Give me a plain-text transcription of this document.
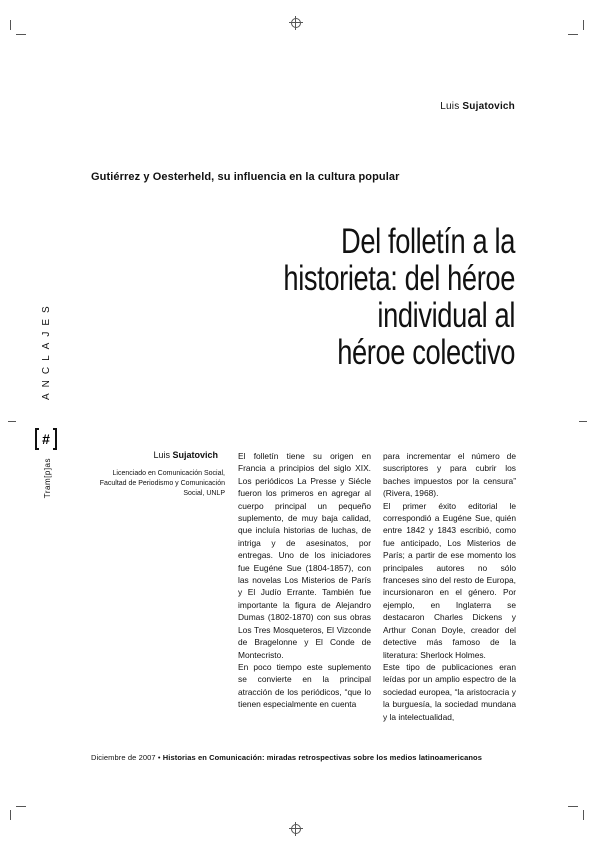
Luis Sujatovich
Gutiérrez y Oesterheld, su influencia en la cultura popular
Del folletín a la
historieta: del héroe
individual al
héroe colectivo
ANCLAJES
#
Tram[p]as
Luis Sujatovich
Licenciado en Comunicación Social, Facultad de Periodismo y Comunicación Social, UNLP

El folletín tiene su origen en Francia a principios del siglo XIX. Los periódicos La Presse y Siécle fueron los primeros en agregar al cuerpo principal un pequeño suplemento, de muy baja calidad, que incluía historias de luchas, de intriga y de asesinatos, por entregas. Uno de los iniciadores fue Eugéne Sue (1804-1857), con las novelas Los Misterios de París y El Judío Errante. También fue importante la figura de Alejandro Dumas (1802-1870) con sus obras Los Tres Mosqueteros, El Vizconde de Bragelonne y El Conde de Montecristo.

En poco tiempo este suplemento se convierte en la principal atracción de los periódicos, “que lo tienen especialmente en cuenta

para incrementar el número de suscriptores y para cubrir los baches impuestos por la censura” (Rivera, 1968).

El primer éxito editorial le correspondió a Eugéne Sue, quién entre 1842 y 1843 escribió, como fue anticipado, Los Misterios de París; a partir de ese momento los principales autores no sólo franceses sino del resto de Europa, incursionaron en el género. Por ejemplo, en Inglaterra se destacaron Charles Dickens y Arthur Conan Doyle, creador del detective más famoso de la literatura: Sherlock Holmes.

Este tipo de publicaciones eran leídas por un amplio espectro de la sociedad europea, “la aristocracia y la burguesía, la sociedad mundana y la intelectualidad,

Diciembre de 2007 • Historias en Comunicación: miradas retrospectivas sobre los medios latinoamericanos
